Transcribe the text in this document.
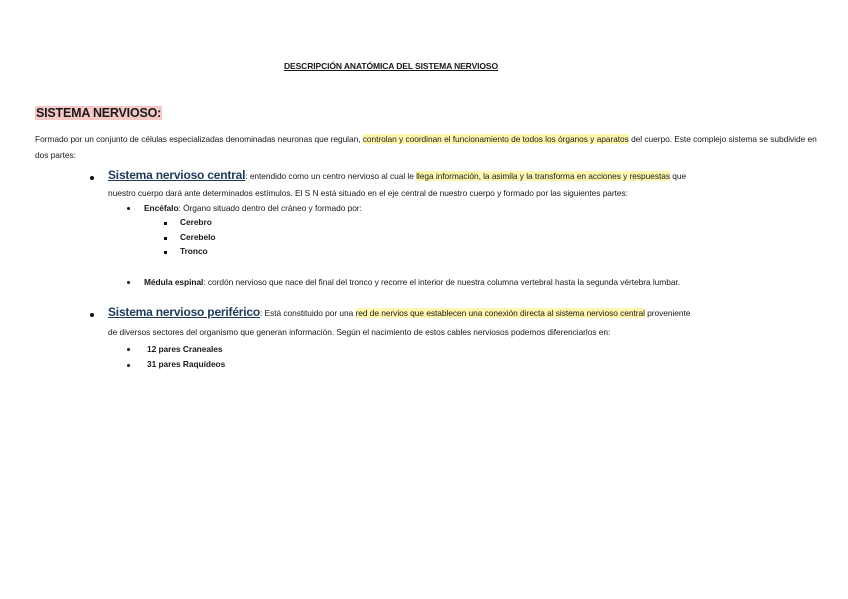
DESCRIPCIÓN ANATÓMICA DEL SISTEMA NERVIOSO
SISTEMA NERVIOSO:
Formado por un conjunto de células especializadas denominadas neuronas que regulan, controlan y coordinan el funcionamiento de todos los órganos y aparatos del cuerpo. Este complejo sistema se subdivide en dos partes:
Sistema nervioso central: entendido como un centro nervioso al cual le llega información, la asimila y la transforma en acciones y respuestas que
nuestro cuerpo dará ante determinados estímulos. El S N está situado en el eje central de nuestro cuerpo y formado por las siguientes partes:
Encéfalo: Órgano situado dentro del cráneo y formado por:
Cerebro
Cerebelo
Tronco
Médula espinal: cordón nervioso que nace del final del tronco y recorre el interior de nuestra columna vertebral hasta la segunda vértebra lumbar.
Sistema nervioso periférico: Está constituido por una red de nervios que establecen una conexión directa al sistema nervioso central proveniente
de diversos sectores del organismo que generan información. Según el nacimiento de estos cables nerviosos podemos diferenciarlos en:
12 pares Craneales
31 pares Raquídeos
